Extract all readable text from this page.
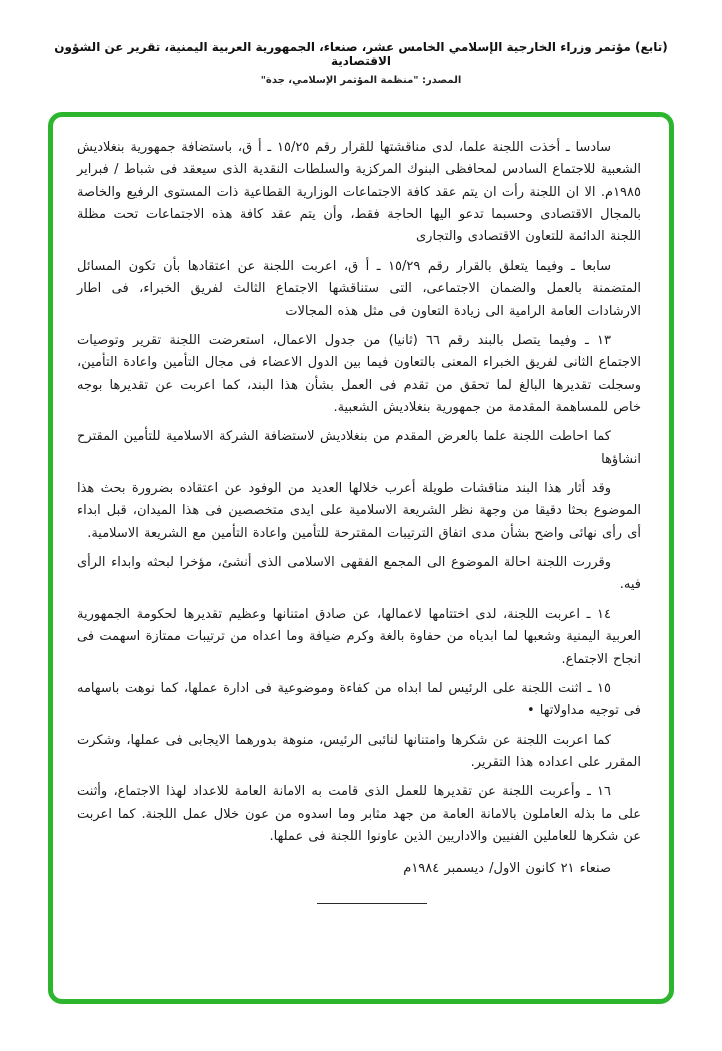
(تابع) مؤتمر وزراء الخارجية الإسلامي الخامس عشر، صنعاء، الجمهورية العربية اليمنية، تقرير عن الشؤون الاقتصادية
المصدر: "منظمة المؤتمر الإسلامي، جدة"

سادسا ـ أخذت اللجنة علما، لدى مناقشتها للقرار رقم ١٥/٢٥ ـ أ ق، باستضافة جمهورية بنغلاديش الشعبية للاجتماع السادس لمحافظى البنوك المركزية والسلطات النقدية الذى سيعقد فى شباط / فبراير ١٩٨٥م. الا ان اللجنة رأت ان يتم عقد كافة الاجتماعات الوزارية القطاعية ذات المستوى الرفيع والخاصة بالمجال الاقتصادى وحسبما تدعو اليها الحاجة فقط، وأن يتم عقد كافة هذه الاجتماعات تحت مظلة اللجنة الدائمة للتعاون الاقتصادى والتجارى

سابعا ـ وفيما يتعلق بالقرار رقم ١٥/٢٩ ـ أ ق، اعربت اللجنة عن اعتقادها بأن تكون المسائل المتضمنة بالعمل والضمان الاجتماعى، التى ستناقشها الاجتماع الثالث لفريق الخبراء، فى اطار الارشادات العامة الرامية الى زيادة التعاون فى مثل هذه المجالات

١٣ ـ وفيما يتصل بالبند رقم ٦٦ (ثانيا) من جدول الاعمال، استعرضت اللجنة تقرير وتوصيات الاجتماع الثانى لفريق الخبراء المعنى بالتعاون فيما بين الدول الاعضاء فى مجال التأمين واعادة التأمين، وسجلت تقديرها البالغ لما تحقق من تقدم فى العمل بشأن هذا البند، كما اعربت عن تقديرها بوجه خاص للمساهمة المقدمة من جمهورية بنغلاديش الشعبية.

كما احاطت اللجنة علما بالعرض المقدم من بنغلاديش لاستضافة الشركة الاسلامية للتأمين المقترح انشاؤها

وقد أثار هذا البند مناقشات طويلة أعرب خلالها العديد من الوفود عن اعتقاده بضرورة بحث هذا الموضوع بحثا دقيقا من وجهة نظر الشريعة الاسلامية على ايدى متخصصين فى هذا الميدان، قبل ابداء أى رأى نهائى واضح بشأن مدى اتفاق الترتيبات المقترحة للتأمين واعادة التأمين مع الشريعة الاسلامية.

وقررت اللجنة احالة الموضوع الى المجمع الفقهى الاسلامى الذى أنشئ، مؤخرا لبحثه وابداء الرأى فيه.

١٤ ـ اعربت اللجنة، لدى اختتامها لاعمالها، عن صادق امتنانها وعظيم تقديرها لحكومة الجمهورية العربية اليمنية وشعبها لما ابدياه من حفاوة بالغة وكرم ضيافة وما اعداه من ترتيبات ممتازة اسهمت فى انجاح الاجتماع.

١٥ ـ اثنت اللجنة على الرئيس لما ابداه من كفاءة وموضوعية فى ادارة عملها، كما نوهت باسهامه فى توجيه مداولاتها •

كما اعربت اللجنة عن شكرها وامتنانها لنائبى الرئيس، منوهة بدورهما الايجابى فى عملها، وشكرت المقرر على اعداده هذا التقرير.

١٦ ـ وأعربت اللجنة عن تقديرها للعمل الذى قامت به الامانة العامة للاعداد لهذا الاجتماع، وأثنت على ما بذله العاملون بالامانة العامة من جهد مثابر وما اسدوه من عون خلال عمل اللجنة. كما اعربت عن شكرها للعاملين الفنيين والاداريين الذين عاونوا اللجنة فى عملها.

صنعاء ٢١ كانون الاول/ ديسمبر ١٩٨٤م
